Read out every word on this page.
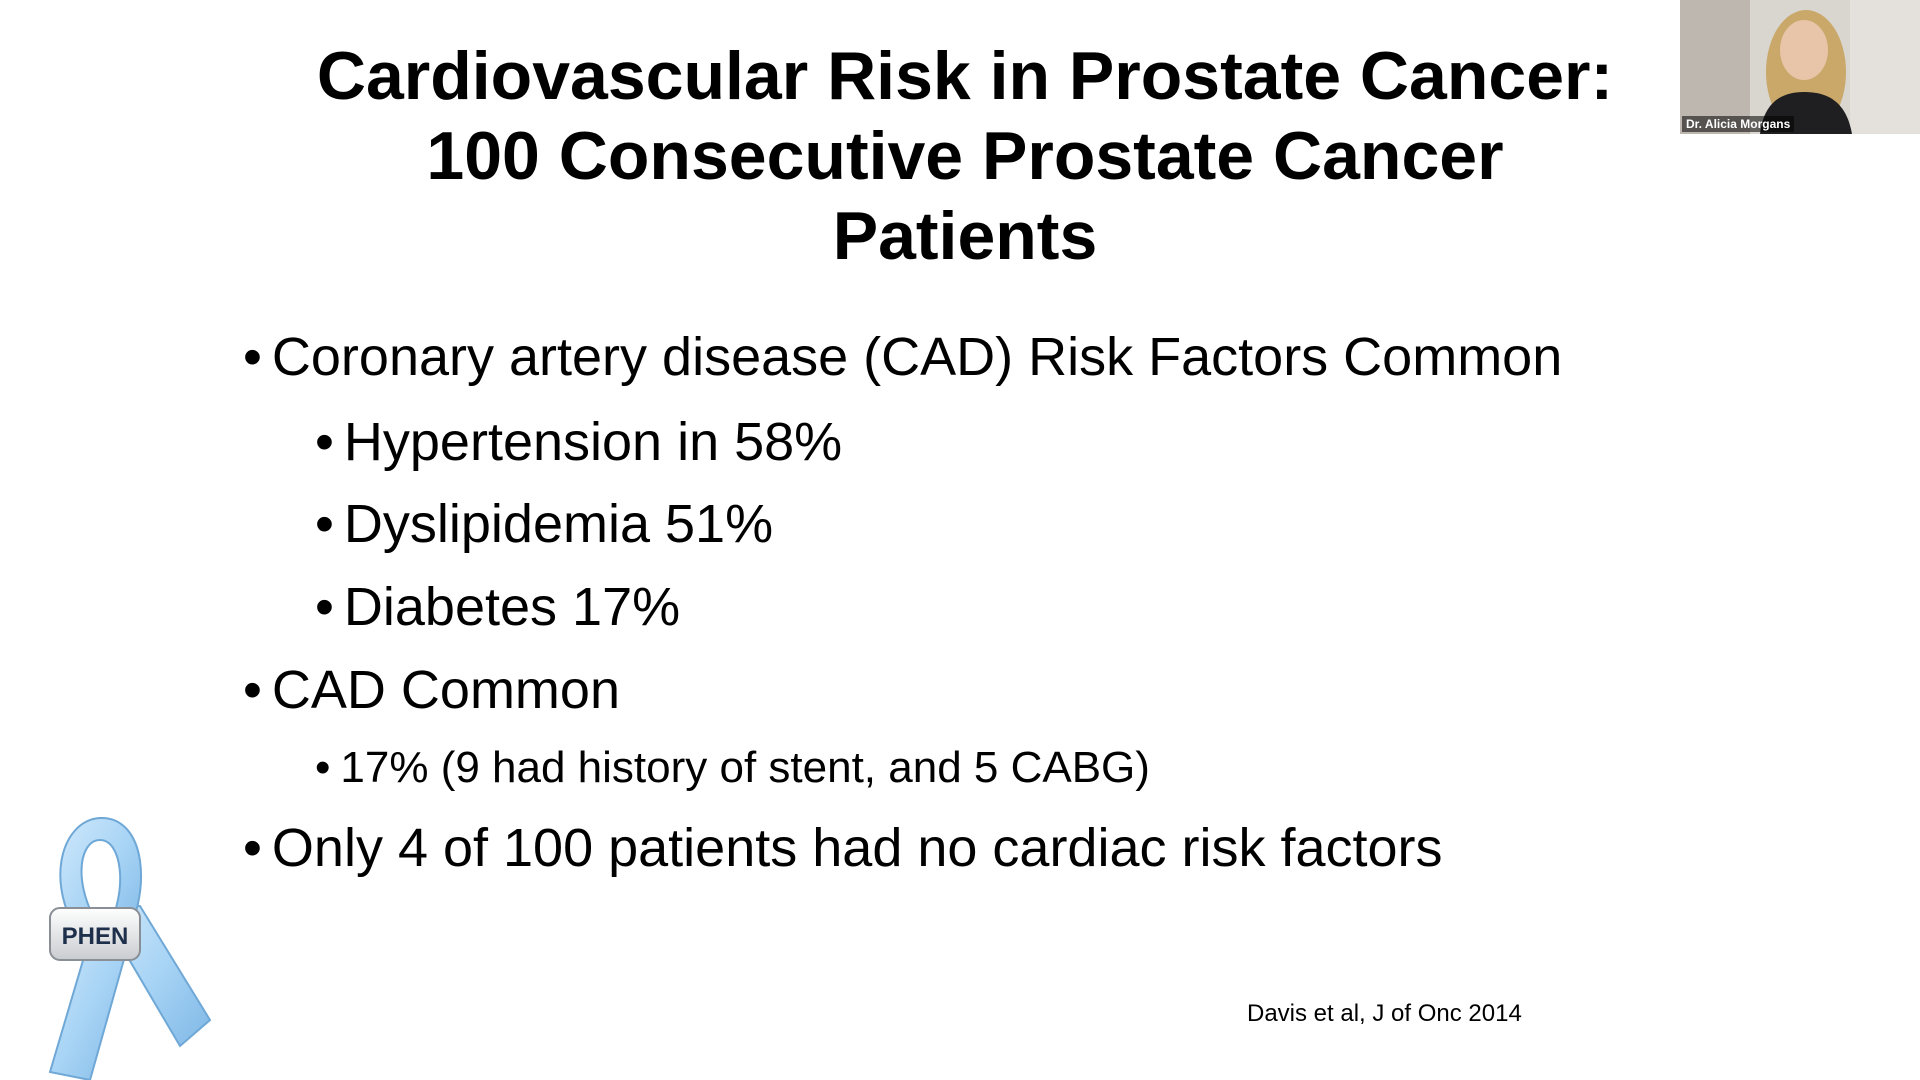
Cardiovascular Risk in Prostate Cancer:
100 Consecutive Prostate Cancer
Patients
• Coronary artery disease (CAD) Risk Factors Common
• Hypertension in 58%
• Dyslipidemia 51%
• Diabetes 17%
• CAD Common
• 17% (9 had history of stent, and 5 CABG)
• Only 4 of 100 patients had no cardiac risk factors
Davis et al, J of Onc 2014
PHEN
Dr. Alicia Morgans
